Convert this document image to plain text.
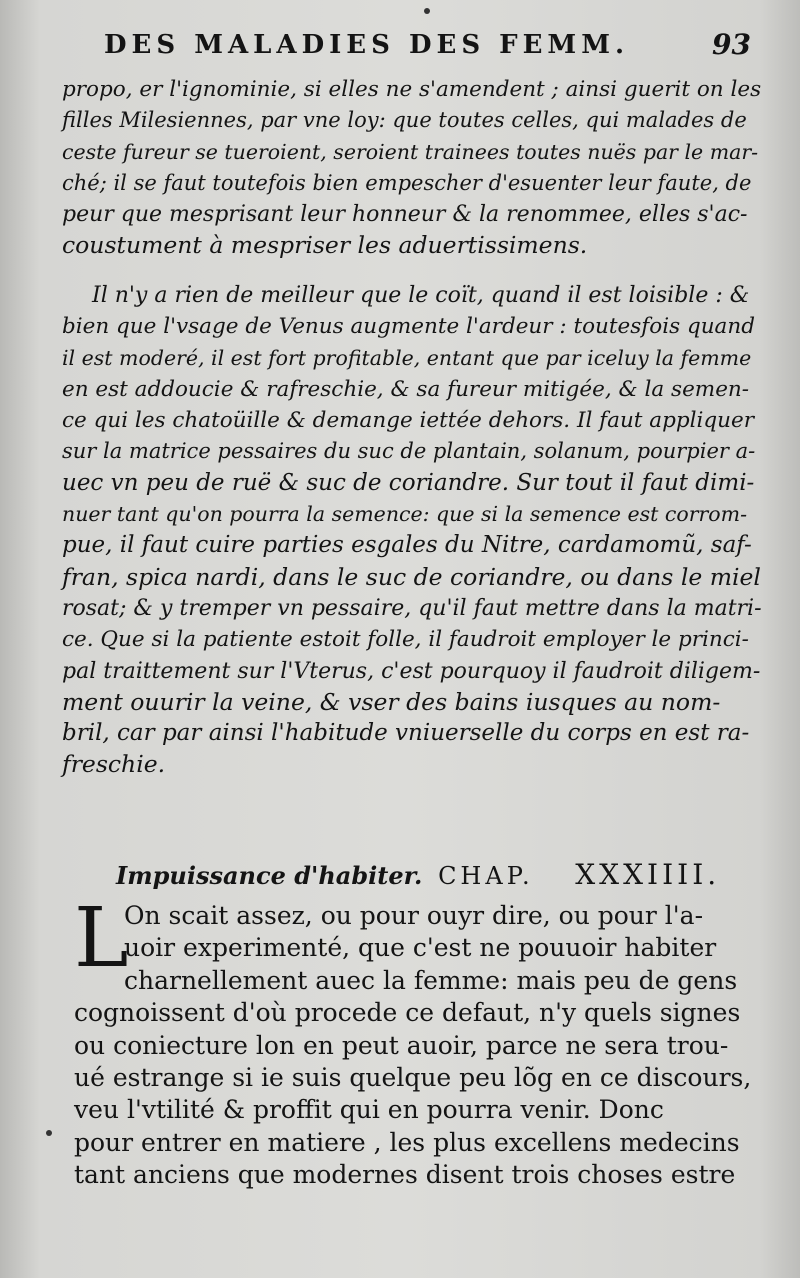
DES MALADIES DES FEMM.	93
propo, er l'ignominie, si elles ne s'amendent ; ainsi guerit on les
filles Milesiennes, par vne loy: que toutes celles, qui malades de
ceste fureur se tueroient, seroient trainees toutes nuës par le mar-
ché; il se faut toutefois bien empescher d'esuenter leur faute, de
peur que mesprisant leur honneur & la renommee, elles s'ac-
coustument à mespriser les aduertissimens.
Il n'y a rien de meilleur que le coït, quand il est loisible : &
bien que l'vsage de Venus augmente l'ardeur : toutesfois quand
il est moderé, il est fort profitable, entant que par iceluy la femme
en est addoucie & rafreschie, & sa fureur mitigée, & la semen-
ce qui les chatoüille & demange iettée dehors. Il faut appliquer
sur la matrice pessaires du suc de plantain, solanum, pourpier a-
uec vn peu de ruë & suc de coriandre. Sur tout il faut dimi-
nuer tant qu'on pourra la semence: que si la semence est corrom-
pue, il faut cuire parties esgales du Nitre, cardamomũ, saf-
fran, spica nardi, dans le suc de coriandre, ou dans le miel
rosat; & y tremper vn pessaire, qu'il faut mettre dans la matri-
ce. Que si la patiente estoit folle, il faudroit employer le princi-
pal traittement sur l'Vterus, c'est pourquoy il faudroit diligem-
ment ouurir la veine, & vser des bains iusques au nom-
bril, car par ainsi l'habitude vniuerselle du corps en est ra-
freschie.
Impuissance d'habiter. CHAP. XXXIIII.
L
On scait assez, ou pour ouyr dire, ou pour l'a-
uoir experimenté, que c'est ne pouuoir habiter
charnellement auec la femme: mais peu de gens
cognoissent d'où procede ce defaut, n'y quels signes
ou coniecture lon en peut auoir, parce ne sera trou-
ué estrange si ie suis quelque peu lõg en ce discours,
veu l'vtilité & proffit qui en pourra venir. Donc
pour entrer en matiere , les plus excellens medecins
tant anciens que modernes disent trois choses estre
